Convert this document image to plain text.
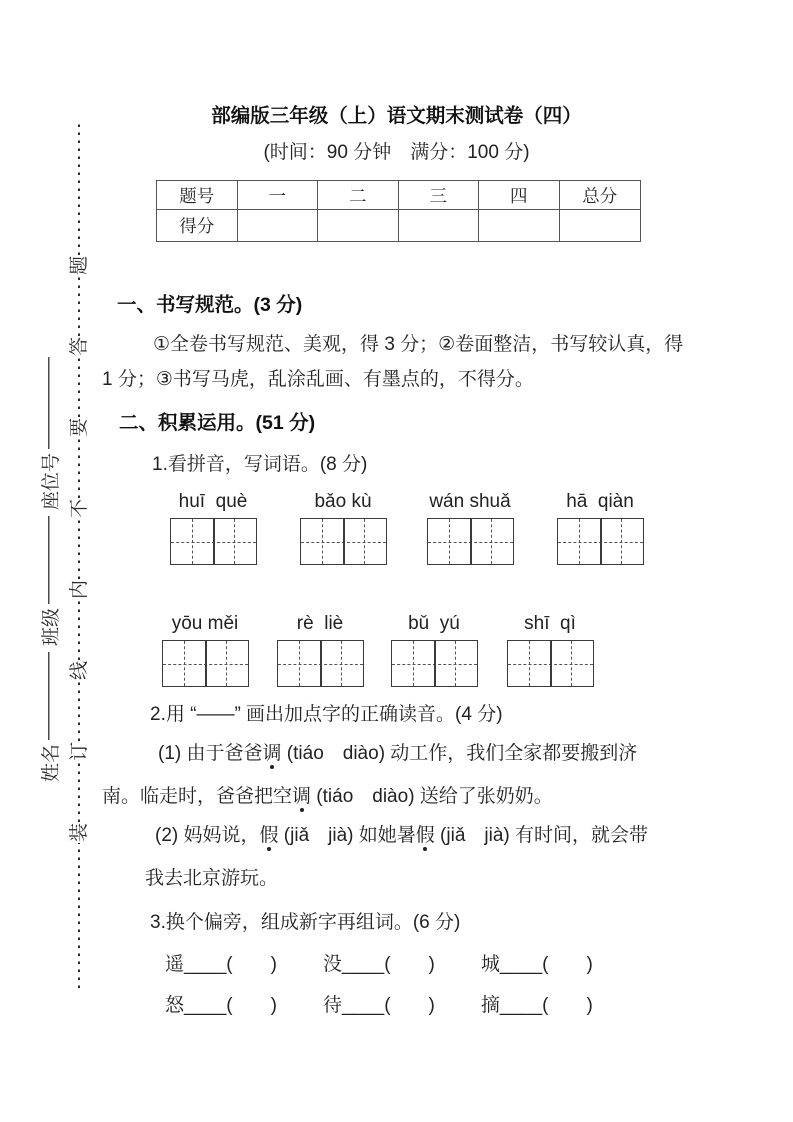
装
订
线
内
不
要
答
题
姓名
班级
座位号
部编版三年级（上）语文期末测试卷（四）
(时间：90 分钟　满分：100 分)
题号	一	二	三	四	总分
得分
一、书写规范。(3 分)
①全卷书写规范、美观，得 3 分；②卷面整洁，书写较认真，得
1 分；③书写马虎，乱涂乱画、有墨点的，不得分。
二、积累运用。(51 分)
1.看拼音，写词语。(8 分)
huī  què	bǎo kù	wán shuǎ	hā  qiàn
yōu měi	rè  liè	bǔ  yú	shī  qì
2.用 “——” 画出加点字的正确读音。(4 分)
(1) 由于爸爸调 (tiáo　diào) 动工作，我们全家都要搬到济
南。临走时，爸爸把空调 (tiáo　diào) 送给了张奶奶。
(2) 妈妈说，假 (jiǎ　jià) 如她暑假 (jiǎ　jià) 有时间，就会带
我去北京游玩。
3.换个偏旁，组成新字再组词。(6 分)
遥____(　　) 没____(　　) 城____(　　)
怒____(　　) 待____(　　) 摘____(　　)
